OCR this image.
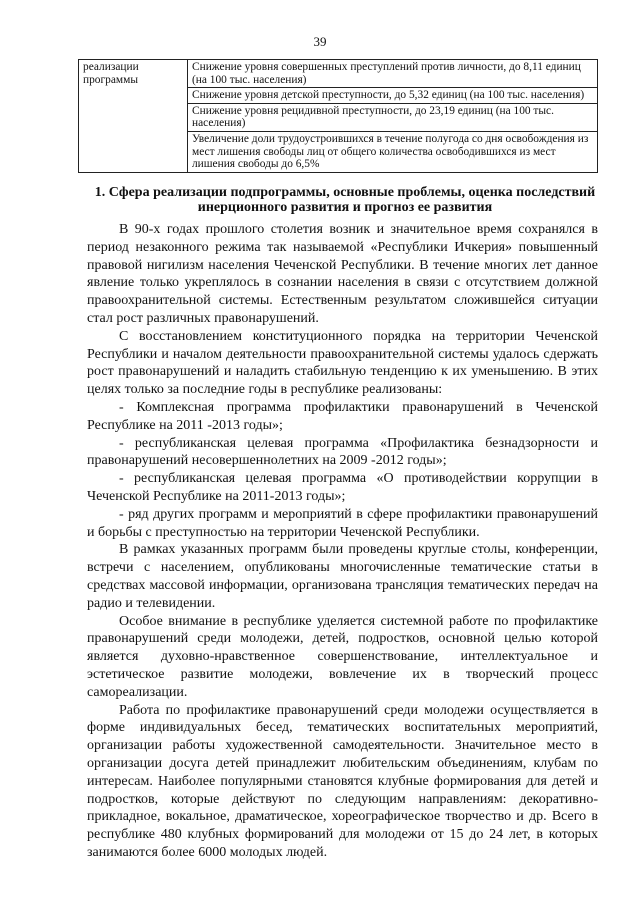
39
реализации программы	Снижение уровня совершенных преступлений против личности, до 8,11 единиц (на 100 тыс. населения)
Снижение уровня детской преступности, до 5,32 единиц (на 100 тыс. населения)
Снижение уровня рецидивной преступности, до 23,19 единиц (на 100 тыс. населения)
Увеличение доли трудоустроившихся в течение полугода со дня освобождения из мест лишения свободы лиц от общего количества освободившихся из мест лишения свободы до 6,5%
1. Сфера реализации подпрограммы, основные проблемы, оценка последствий инерционного развития и прогноз ее развития

В 90-х годах прошлого столетия возник и значительное время сохранялся в период незаконного режима так называемой «Республики Ичкерия» повышенный правовой нигилизм населения Чеченской Республики. В течение многих лет данное явление только укреплялось в сознании населения в связи с отсутствием должной правоохранительной системы. Естественным результатом сложившейся ситуации стал рост различных правонарушений.

С восстановлением конституционного порядка на территории Чеченской Республики и началом деятельности правоохранительной системы удалось сдержать рост правонарушений и наладить стабильную тенденцию к их уменьшению. В этих целях только за последние годы в республике реализованы:

- Комплексная программа профилактики правонарушений в Чеченской Республике на 2011 -2013 годы»;

- республиканская целевая программа «Профилактика безнадзорности и правонарушений несовершеннолетних на 2009 -2012 годы»;

- республиканская целевая программа «О противодействии коррупции в Чеченской Республике на 2011-2013 годы»;

- ряд других программ и мероприятий в сфере профилактики правонарушений и борьбы с преступностью на территории Чеченской Республики.

В рамках указанных программ были проведены круглые столы, конференции, встречи с населением, опубликованы многочисленные тематические статьи в средствах массовой информации, организована трансляция тематических передач на радио и телевидении.

Особое внимание в республике уделяется системной работе по профилактике правонарушений среди молодежи, детей, подростков, основной целью которой является духовно-нравственное совершенствование, интеллектуальное и эстетическое развитие молодежи, вовлечение их в творческий процесс самореализации.

Работа по профилактике правонарушений среди молодежи осуществляется в форме индивидуальных бесед, тематических воспитательных мероприятий, организации работы художественной самодеятельности. Значительное место в организации досуга детей принадлежит любительским объединениям, клубам по интересам. Наиболее популярными становятся клубные формирования для детей и подростков, которые действуют по следующим направлениям: декоративно-прикладное, вокальное, драматическое, хореографическое творчество и др. Всего в республике 480 клубных формирований для молодежи от 15 до 24 лет, в которых занимаются более 6000 молодых людей.
